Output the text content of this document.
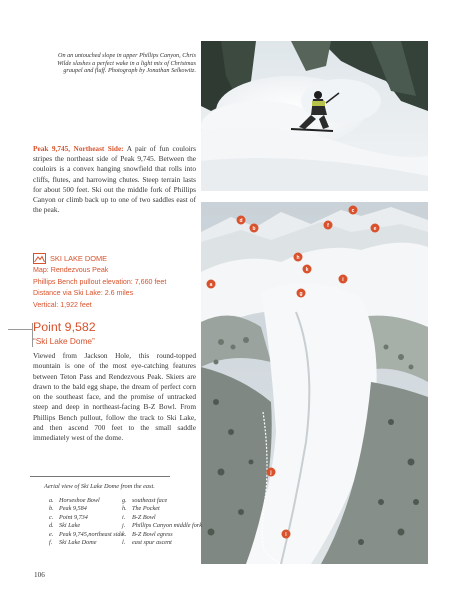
On an untouched slope in upper Phillips Canyon, Chris Wilde slashes a perfect wake in a light mix of Christmas graupel and fluff. Photograph by Jonathan Selkowitz.
Peak 9,745, Northeast Side: A pair of fun couloirs stripes the northeast side of Peak 9,745. Between the couloirs is a convex hanging snowfield that rolls into cliffs, flutes, and harrowing chutes. Steep terrain lasts for about 500 feet. Ski out the middle fork of Phillips Canyon or climb back up to one of two saddles east of the peak.
SKI LAKE DOME
Map: Rendezvous Peak
Phillips Bench pullout elevation: 7,660 feet
Distance via Ski Lake: 2.6 miles
Vertical: 1,922 feet
Point 9,582
“Ski Lake Dome”
Viewed from Jackson Hole, this round-topped mountain is one of the most eye-catching features between Teton Pass and Rendezvous Peak. Skiers are drawn to the bald egg shape, the dream of perfect corn on the southeast face, and the promise of untracked steep and deep in northeast-facing B-Z Bowl. From Phillips Bench pullout, follow the track to Ski Lake, and then ascend 700 feet to the small saddle immediately west of the dome.
a
b
c
d
e
f
g
h
i
j
k
l
Aerial view of Ski Lake Dome from the east.
a. Horseshoe Bowl
b. Peak 9,584
c. Point 9,734
d. Ski Lake
e. Peak 9,745,northeast side
f.	Ski Lake Dome
g. southeast face
h. The Pocket
i.	B-Z Bowl
j.	Phillips Canyon middle fork
k. B-Z Bowl egress
l.	east spur ascent
106
